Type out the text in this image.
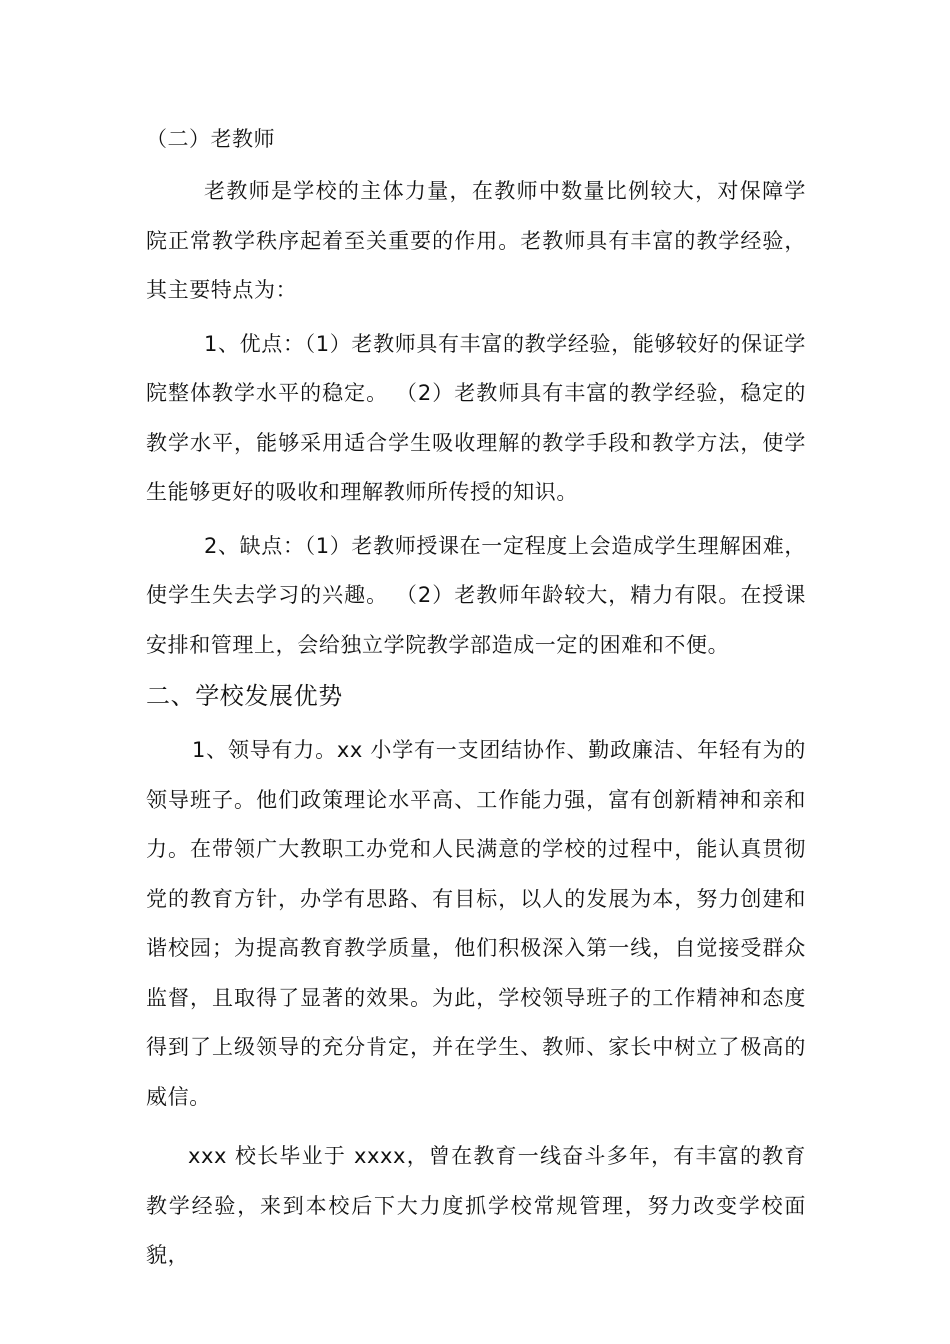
（二）老教师

老教师是学校的主体力量，在教师中数量比例较大，对保障学院正常教学秩序起着至关重要的作用。老教师具有丰富的教学经验，其主要特点为：

1、优点：（1）老教师具有丰富的教学经验，能够较好的保证学院整体教学水平的稳定。 （2）老教师具有丰富的教学经验，稳定的教学水平，能够采用适合学生吸收理解的教学手段和教学方法，使学生能够更好的吸收和理解教师所传授的知识。

2、缺点：（1）老教师授课在一定程度上会造成学生理解困难，使学生失去学习的兴趣。 （2）老教师年龄较大，精力有限。在授课安排和管理上，会给独立学院教学部造成一定的困难和不便。

二、学校发展优势

1、领导有力。xx 小学有一支团结协作、勤政廉洁、年轻有为的领导班子。他们政策理论水平高、工作能力强，富有创新精神和亲和力。在带领广大教职工办党和人民满意的学校的过程中，能认真贯彻党的教育方针，办学有思路、有目标，以人的发展为本，努力创建和谐校园；为提高教育教学质量，他们积极深入第一线，自觉接受群众监督，且取得了显著的效果。为此，学校领导班子的工作精神和态度得到了上级领导的充分肯定，并在学生、教师、家长中树立了极高的威信。

xxx 校长毕业于 xxxx，曾在教育一线奋斗多年，有丰富的教育教学经验，来到本校后下大力度抓学校常规管理，努力改变学校面貌，
